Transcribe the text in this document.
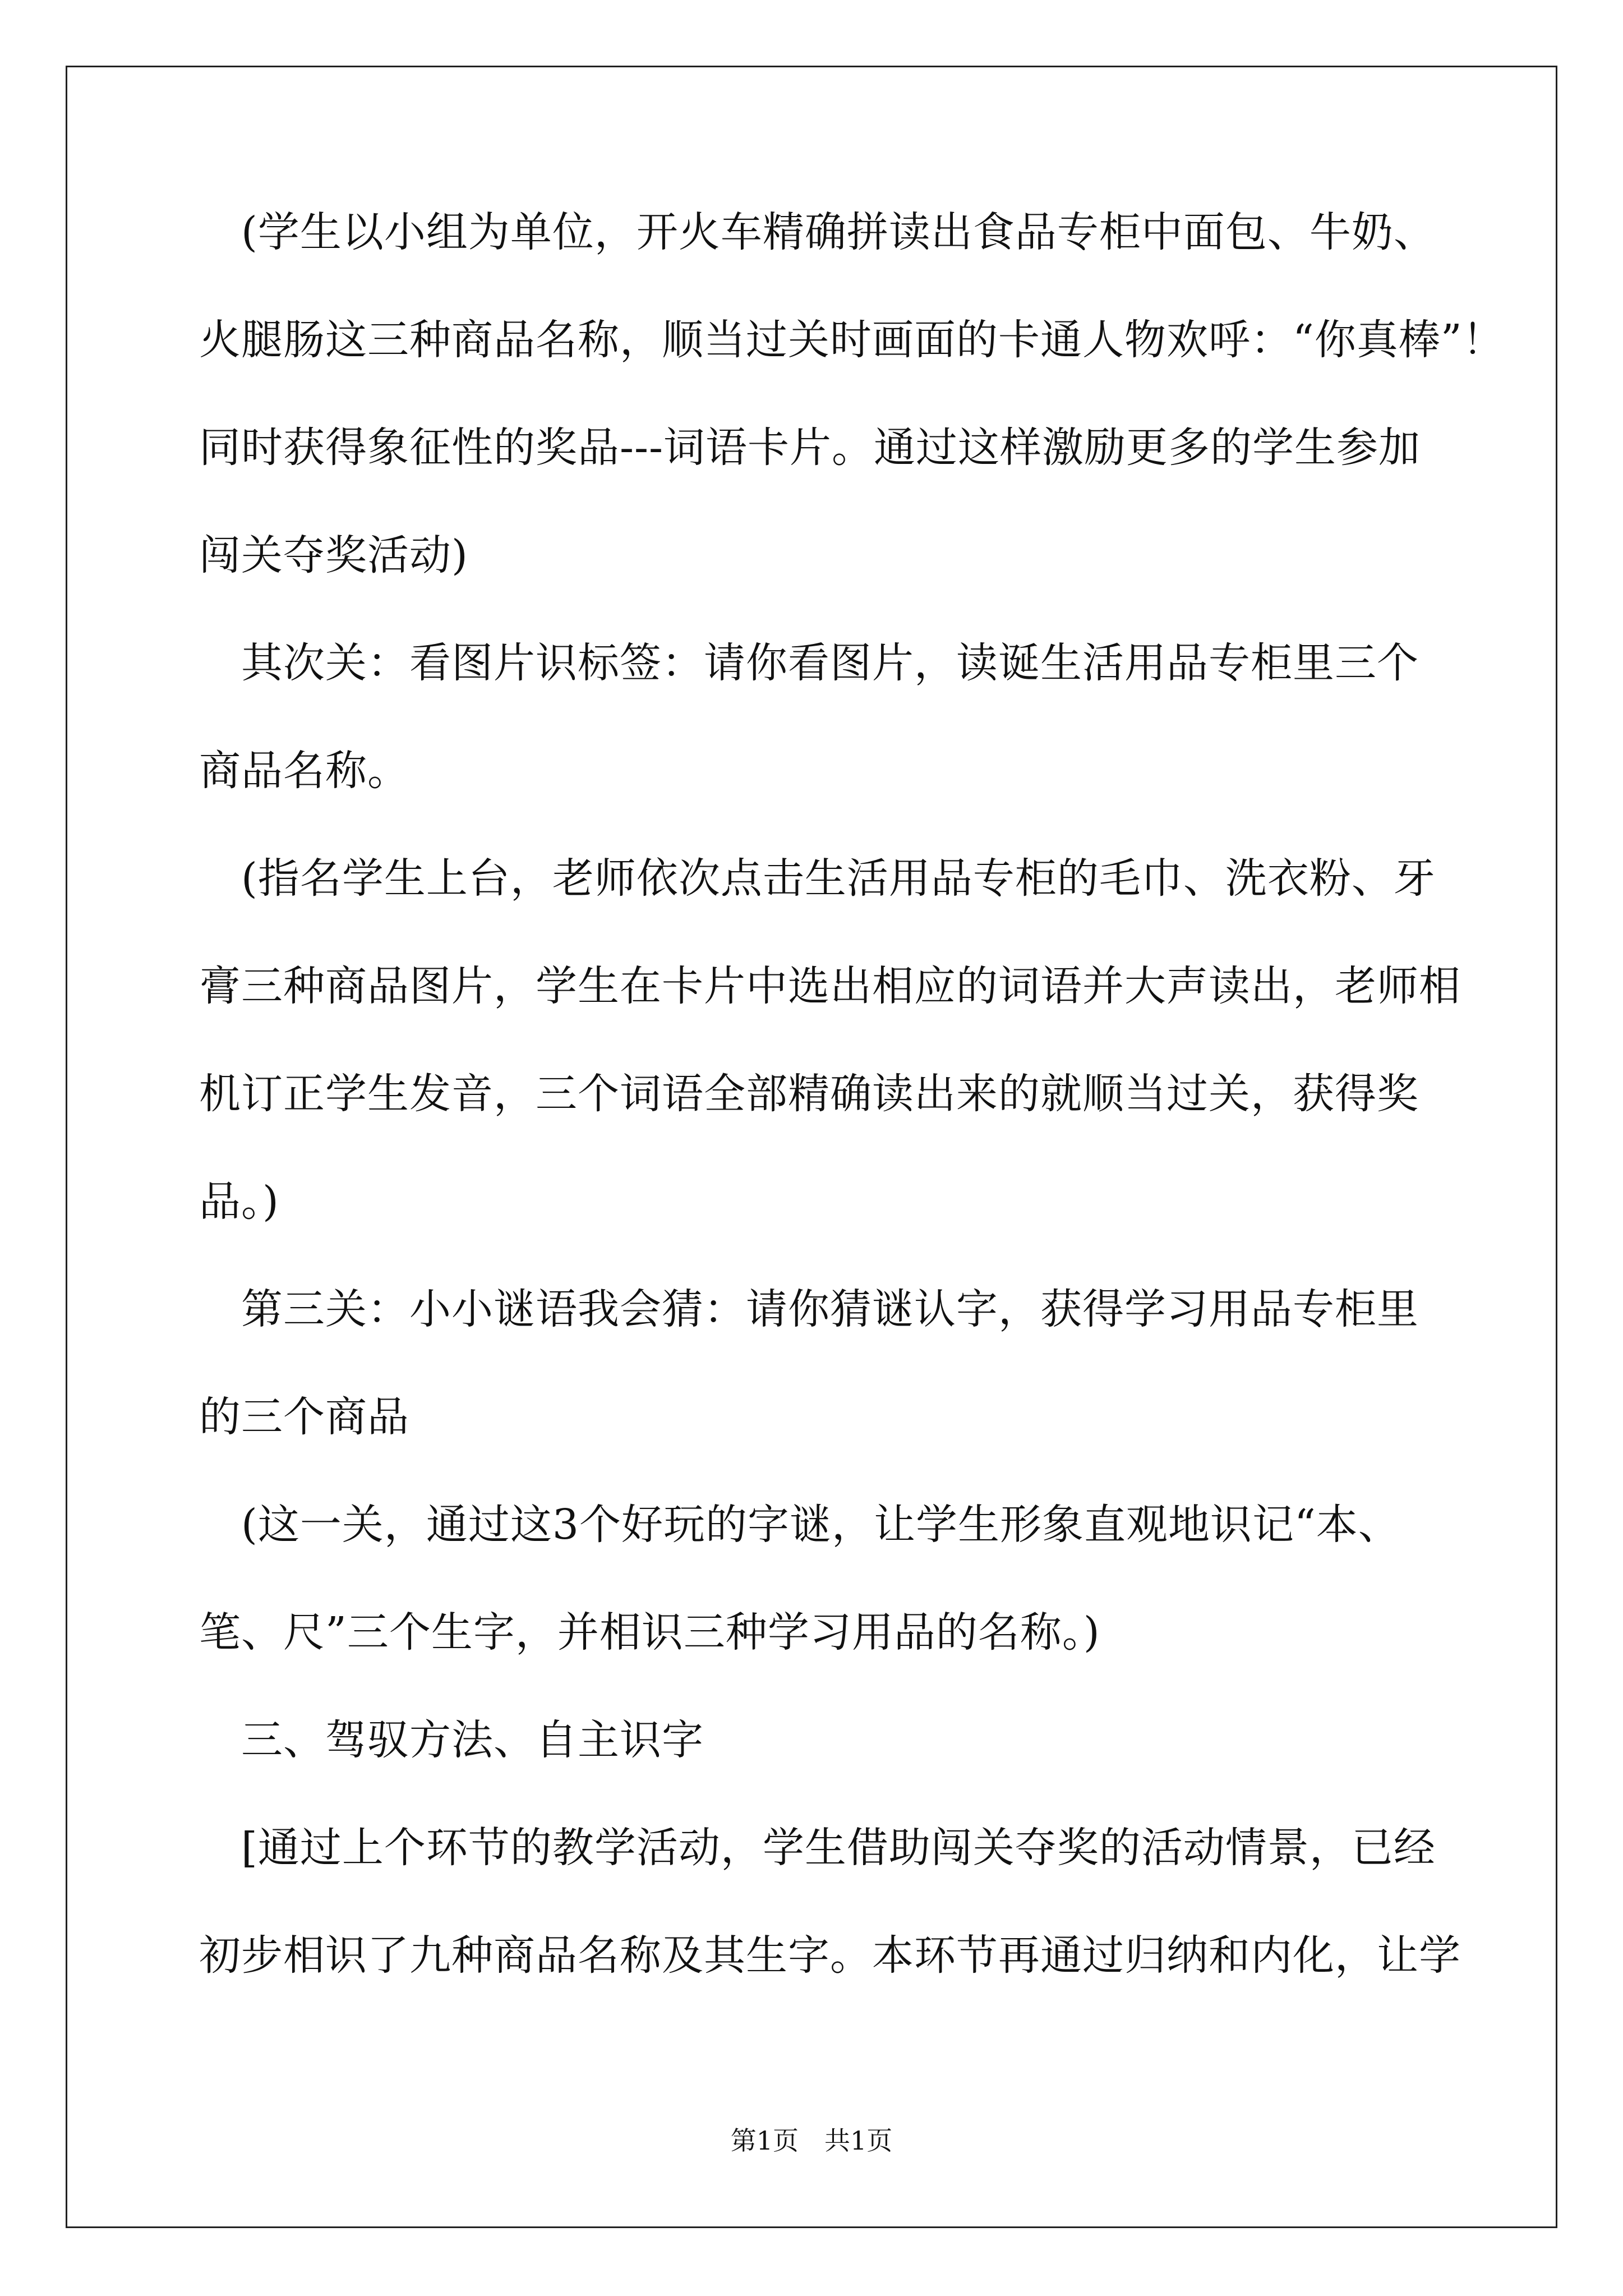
　(学生以小组为单位，开火车精确拼读出食品专柜中面包、牛奶、
火腿肠这三种商品名称，顺当过关时画面的卡通人物欢呼：“你真棒”！
同时获得象征性的奖品---词语卡片。通过这样激励更多的学生参加
闯关夺奖活动)
　其次关：看图片识标签：请你看图片，读诞生活用品专柜里三个
商品名称。
　(指名学生上台，老师依次点击生活用品专柜的毛巾、洗衣粉、牙
膏三种商品图片，学生在卡片中选出相应的词语并大声读出，老师相
机订正学生发音，三个词语全部精确读出来的就顺当过关，获得奖
品。)
　第三关：小小谜语我会猜：请你猜谜认字，获得学习用品专柜里
的三个商品
　(这一关，通过这3个好玩的字谜，让学生形象直观地识记“本、
笔、尺”三个生字，并相识三种学习用品的名称。)
　三、驾驭方法、自主识字
　[通过上个环节的教学活动，学生借助闯关夺奖的活动情景，已经
初步相识了九种商品名称及其生字。本环节再通过归纳和内化，让学
第1页　共1页
